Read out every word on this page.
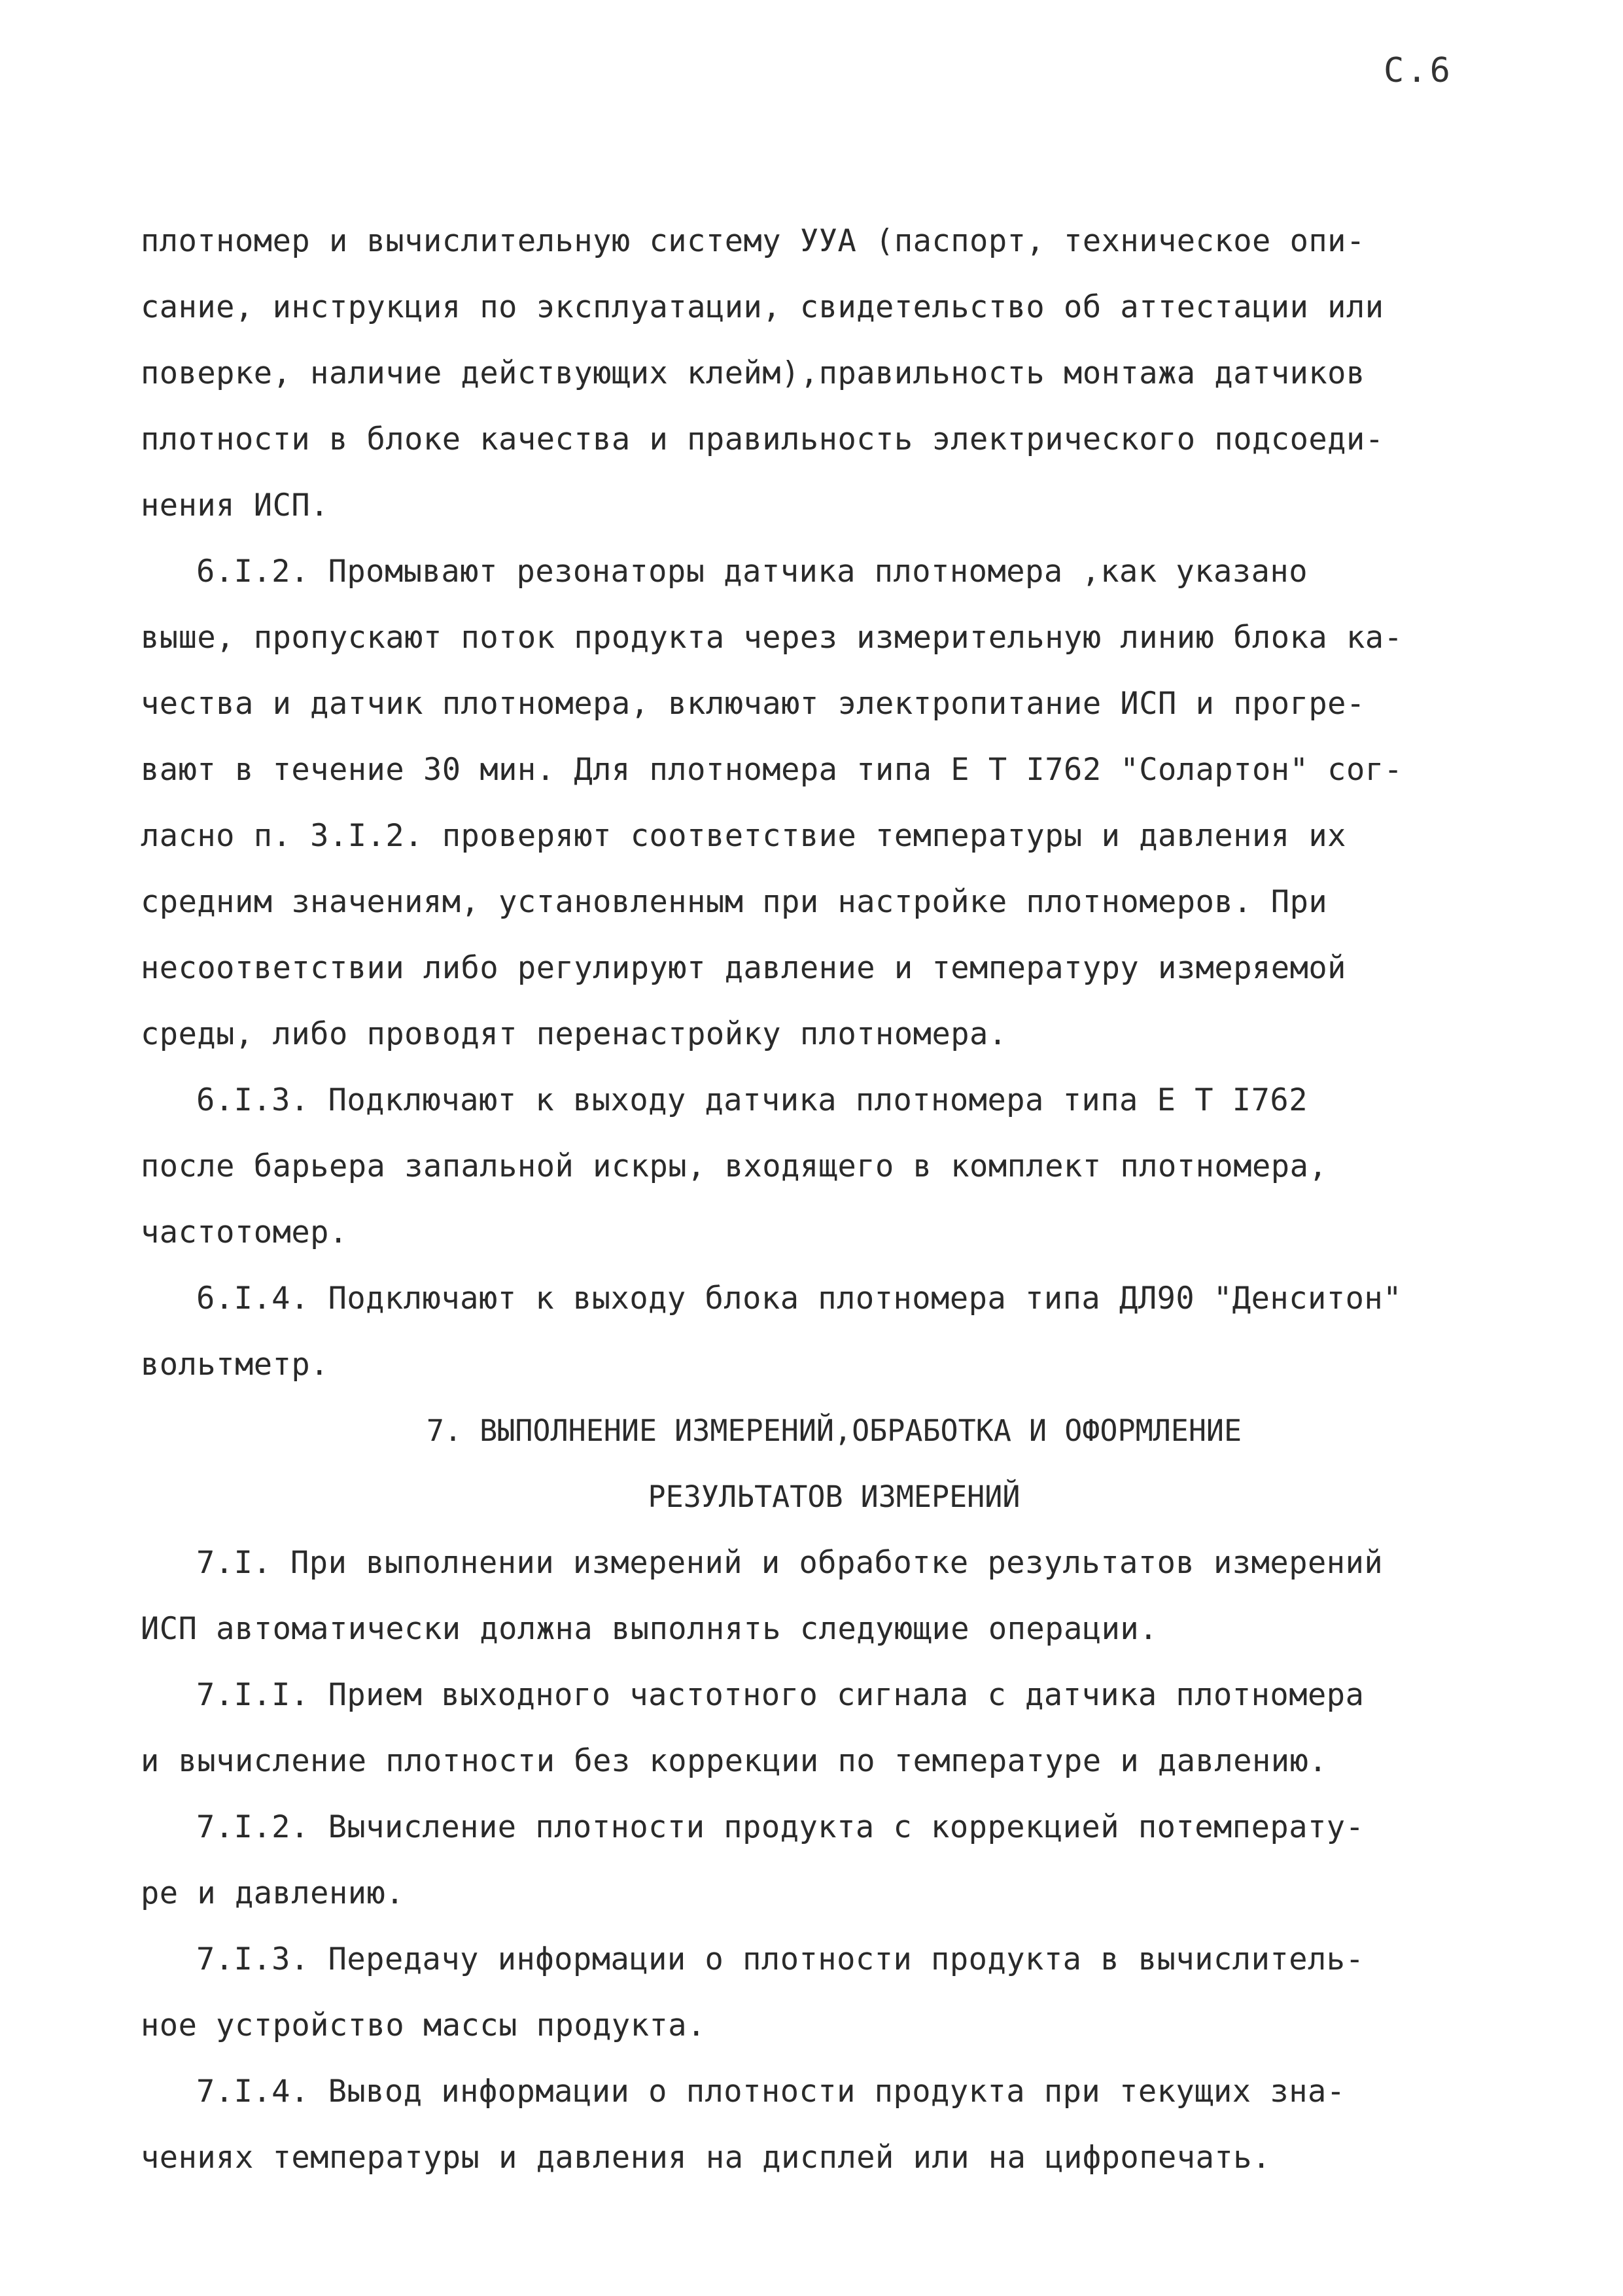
С.6
плотномер и вычислительную систему УУА (паспорт, техническое опи-
сание, инструкция по эксплуатации, свидетельство об аттестации или
поверке, наличие действующих клейм),правильность монтажа датчиков
плотности в блоке качества и правильность электрического подсоеди-
нения ИСП.
6.I.2. Промывают резонаторы датчика плотномера ,как указано
выше, пропускают поток продукта через измерительную линию блока ка-
чества и датчик плотномера, включают электропитание ИСП и прогре-
вают в течение 30 мин. Для плотномера типа Е Т I762 "Солартон" сог-
ласно п. 3.I.2. проверяют соответствие температуры и давления их
средним значениям, установленным при настройке плотномеров. При
несоответствии либо регулируют давление и температуру измеряемой
среды, либо проводят перенастройку плотномера.
6.I.3. Подключают к выходу датчика плотномера типа Е Т I762
после барьера запальной искры, входящего в комплект плотномера,
частотомер.
6.I.4. Подключают к выходу блока плотномера типа ДЛ90 "Денситон"
вольтметр.
7. ВЫПОЛНЕНИЕ ИЗМЕРЕНИЙ,ОБРАБОТКА И ОФОРМЛЕНИЕ
РЕЗУЛЬТАТОВ ИЗМЕРЕНИЙ
7.I. При выполнении измерений и обработке результатов измерений
ИСП автоматически должна выполнять следующие операции.
7.I.I. Прием выходного частотного сигнала с датчика плотномера
и вычисление плотности без коррекции по температуре и давлению.
7.I.2. Вычисление плотности продукта с коррекцией потемперату-
ре и давлению.
7.I.3. Передачу информации о плотности продукта в вычислитель-
ное устройство массы продукта.
7.I.4. Вывод информации о плотности продукта при текущих зна-
чениях температуры и давления на дисплей или на цифропечать.
